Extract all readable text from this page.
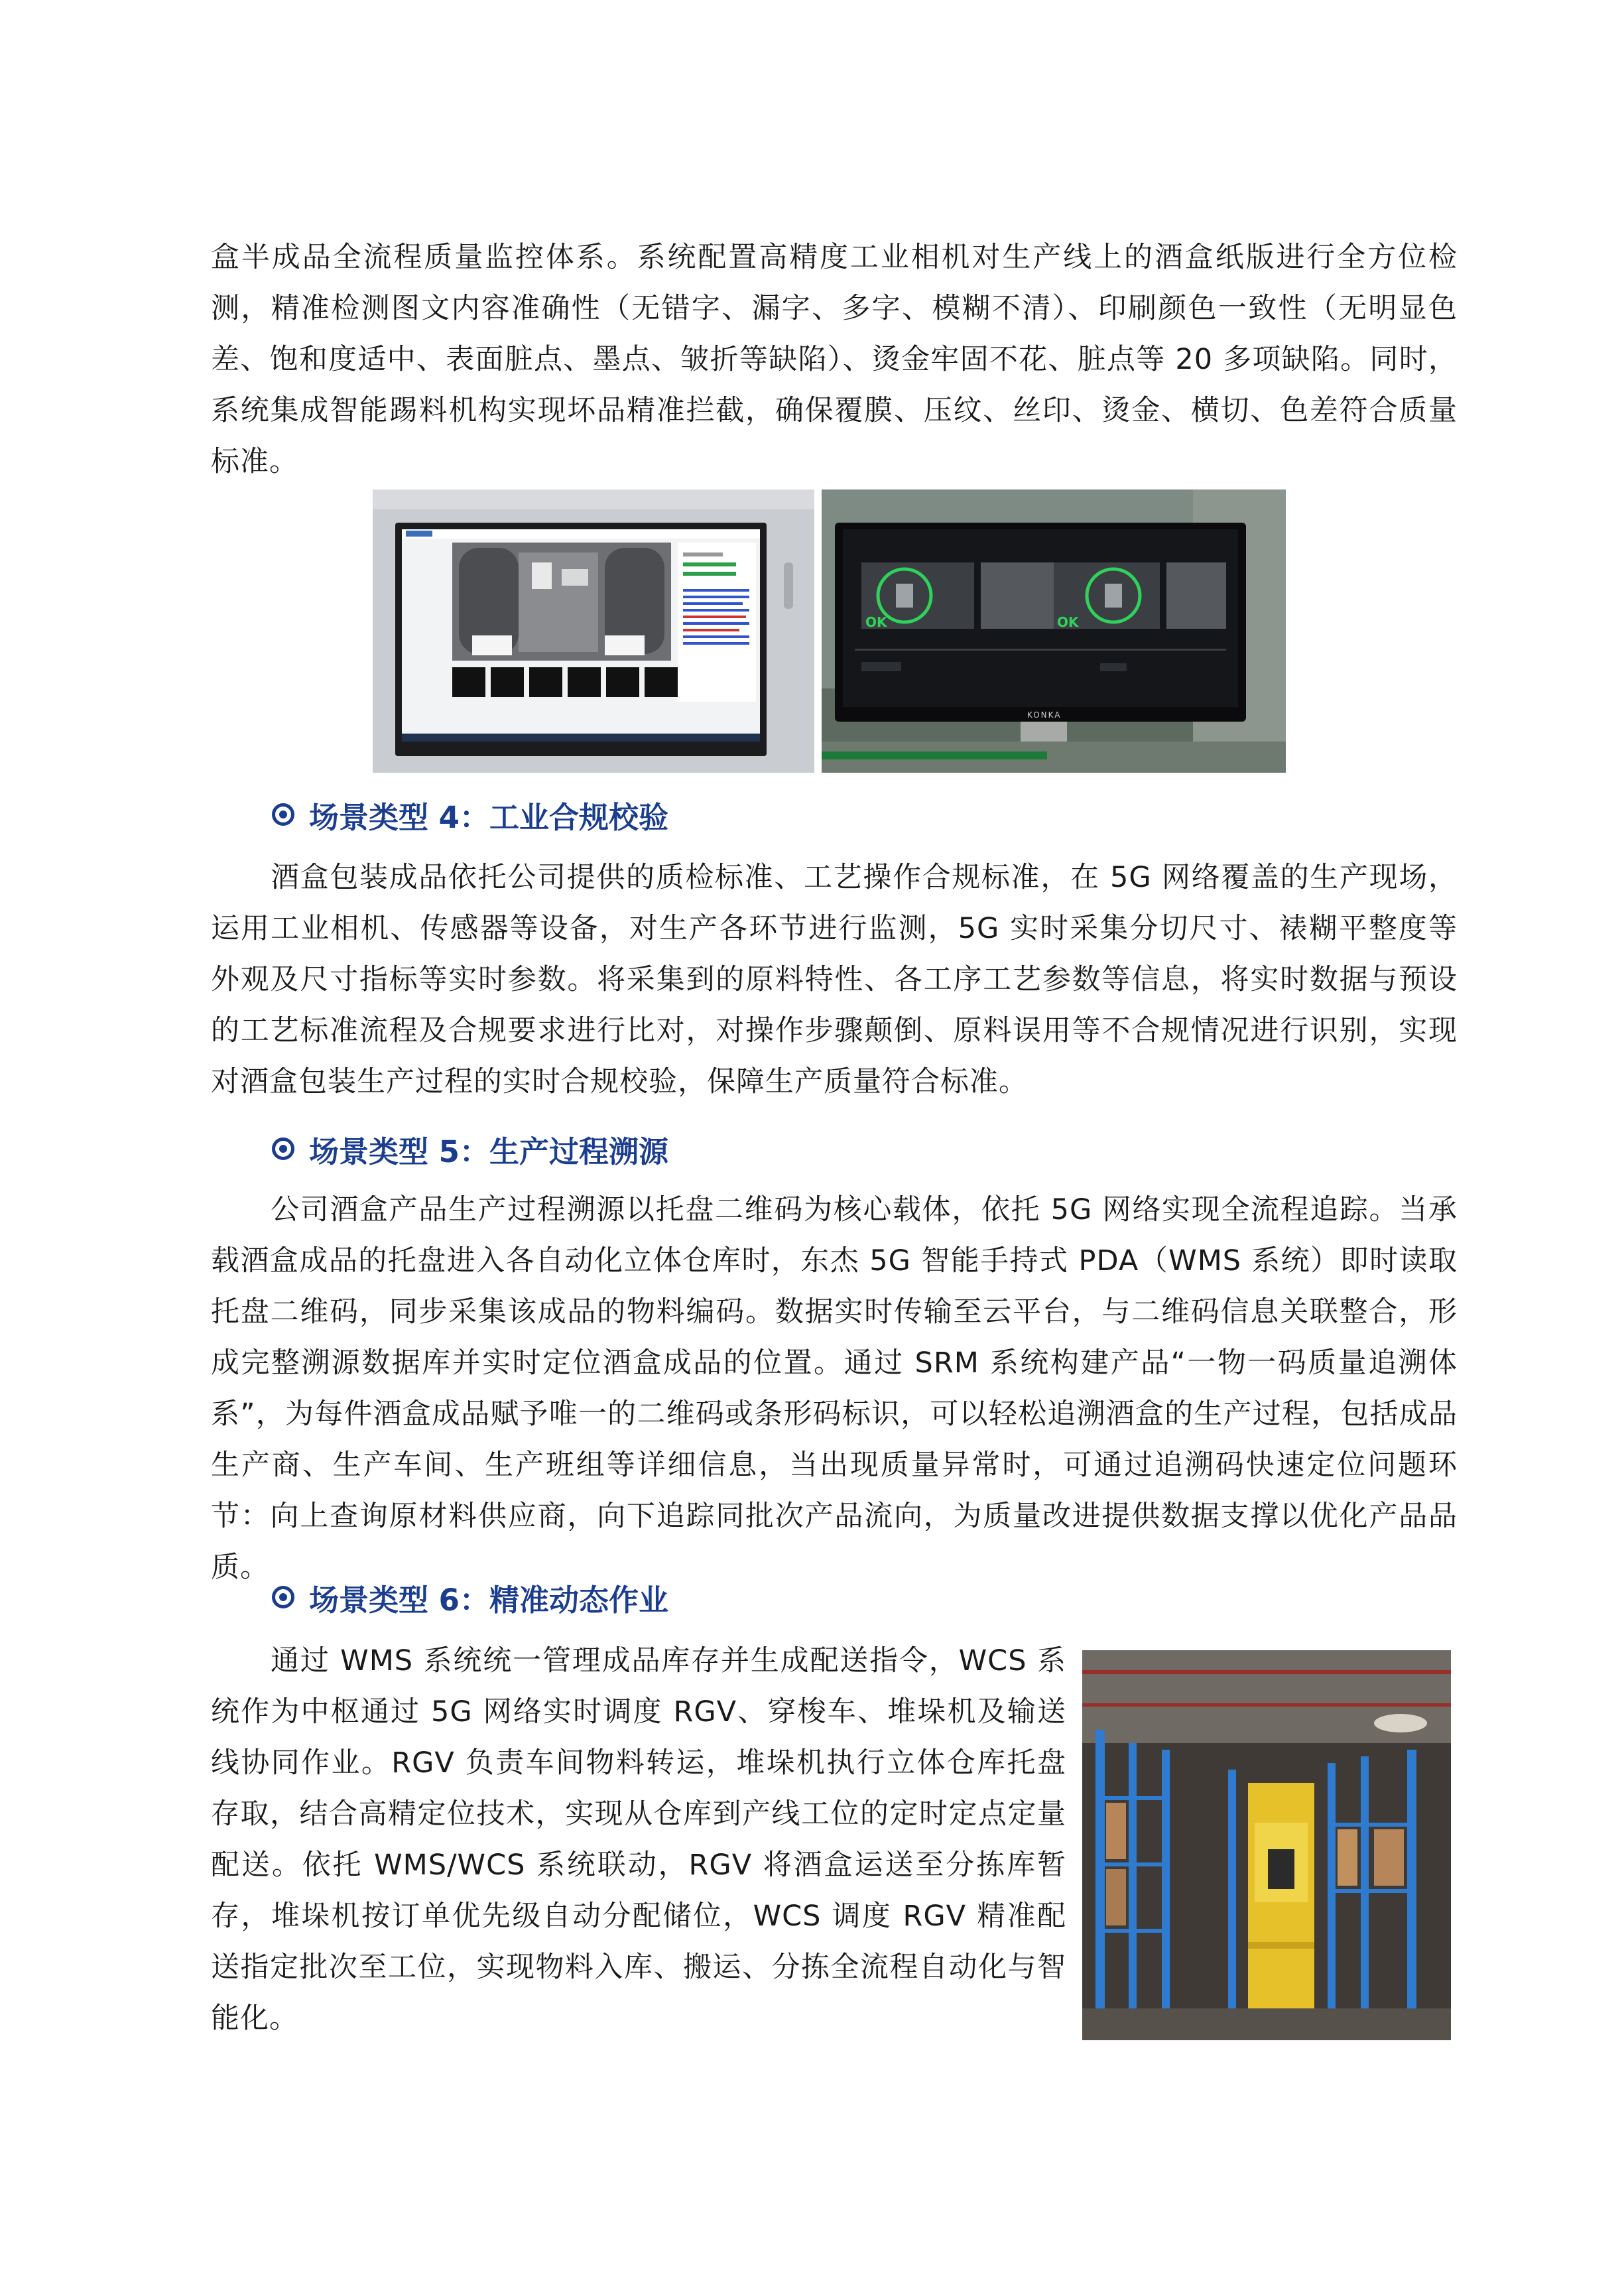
盒半成品全流程质量监控体系。系统配置高精度工业相机对生产线上的酒盒纸版进行全方位检测，精准检测图文内容准确性（无错字、漏字、多字、模糊不清）、印刷颜色一致性（无明显色差、饱和度适中、表面脏点、墨点、皱折等缺陷）、烫金牢固不花、脏点等 20 多项缺陷。同时，系统集成智能踢料机构实现坏品精准拦截，确保覆膜、压纹、丝印、烫金、横切、色差符合质量标准。

OK	OK
KONKA
场景类型 4：工业合规校验

酒盒包装成品依托公司提供的质检标准、工艺操作合规标准，在 5G 网络覆盖的生产现场，运用工业相机、传感器等设备，对生产各环节进行监测，5G 实时采集分切尺寸、裱糊平整度等外观及尺寸指标等实时参数。将采集到的原料特性、各工序工艺参数等信息，将实时数据与预设的工艺标准流程及合规要求进行比对，对操作步骤颠倒、原料误用等不合规情况进行识别，实现对酒盒包装生产过程的实时合规校验，保障生产质量符合标准。

场景类型 5：生产过程溯源

公司酒盒产品生产过程溯源以托盘二维码为核心载体，依托 5G 网络实现全流程追踪。当承载酒盒成品的托盘进入各自动化立体仓库时，东杰 5G 智能手持式 PDA（WMS 系统）即时读取托盘二维码，同步采集该成品的物料编码。数据实时传输至云平台，与二维码信息关联整合，形成完整溯源数据库并实时定位酒盒成品的位置。通过 SRM 系统构建产品“一物一码质量追溯体系”，为每件酒盒成品赋予唯一的二维码或条形码标识，可以轻松追溯酒盒的生产过程，包括成品生产商、生产车间、生产班组等详细信息，当出现质量异常时，可通过追溯码快速定位问题环节：向上查询原材料供应商，向下追踪同批次产品流向，为质量改进提供数据支撑以优化产品品质。

场景类型 6：精准动态作业

通过 WMS 系统统一管理成品库存并生成配送指令，WCS 系统作为中枢通过 5G 网络实时调度 RGV、穿梭车、堆垛机及输送线协同作业。RGV 负责车间物料转运，堆垛机执行立体仓库托盘存取，结合高精定位技术，实现从仓库到产线工位的定时定点定量配送。依托 WMS/WCS 系统联动，RGV 将酒盒运送至分拣库暂存，堆垛机按订单优先级自动分配储位，WCS 调度 RGV 精准配送指定批次至工位，实现物料入库、搬运、分拣全流程自动化与智能化。
